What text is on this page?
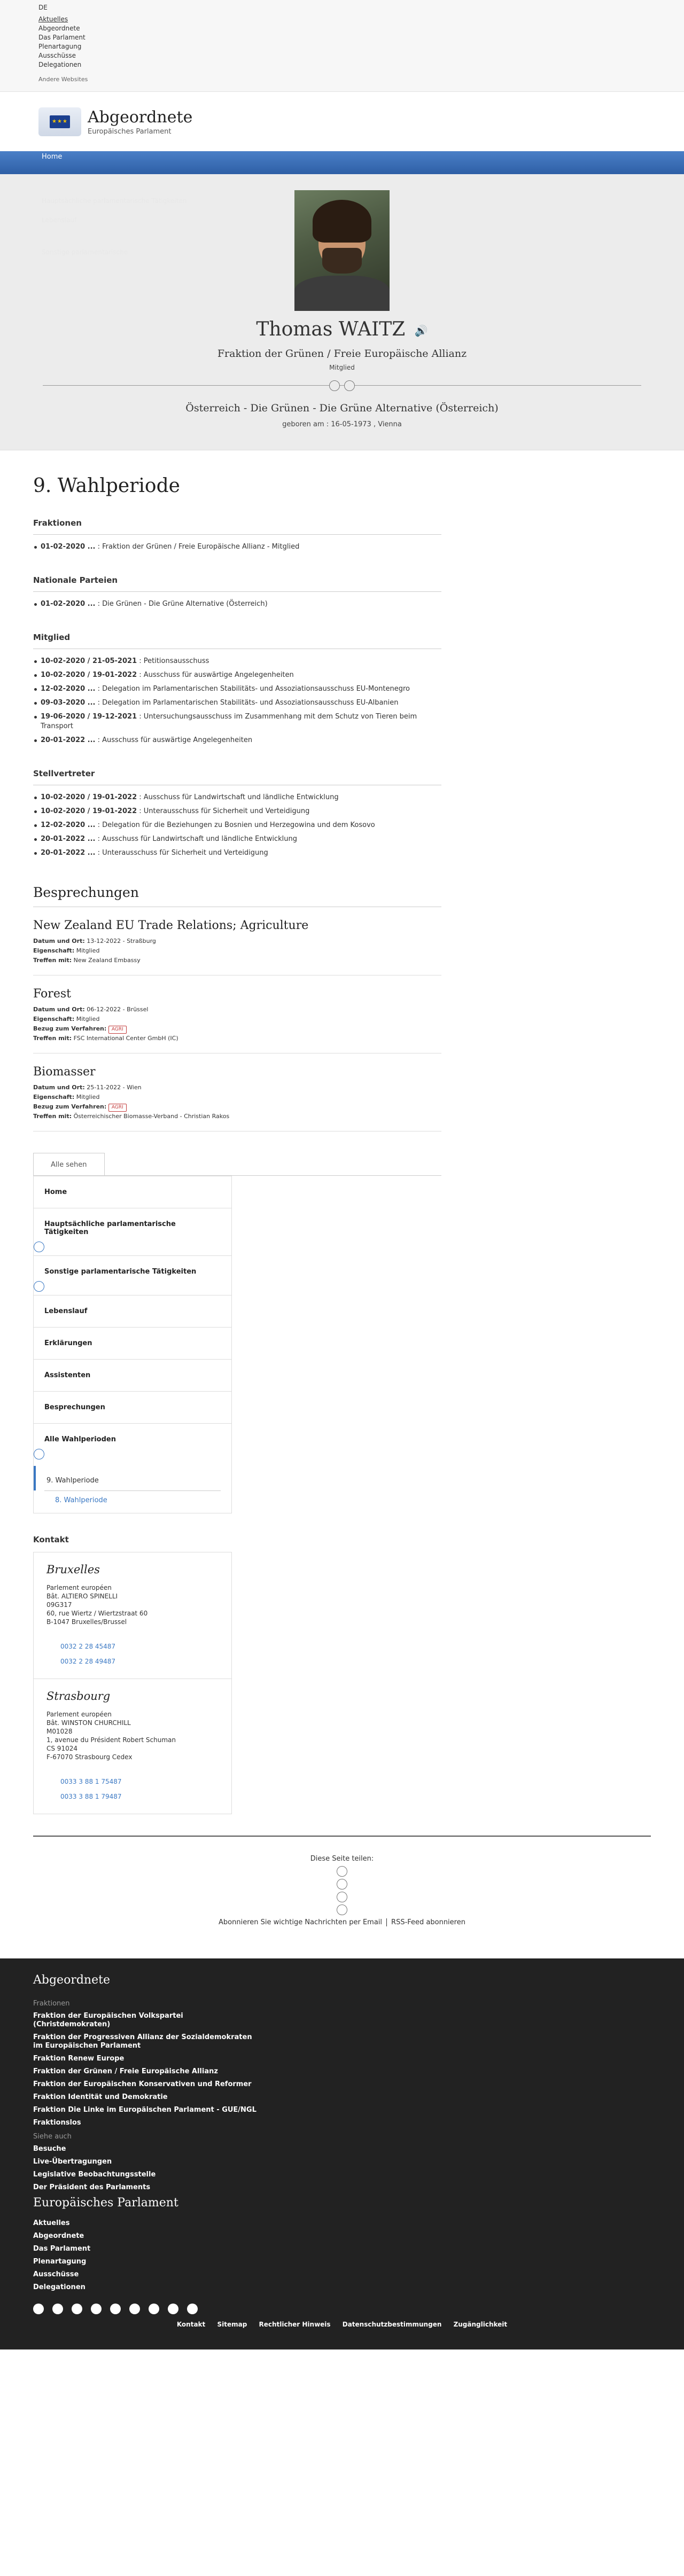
DE
Aktuelles
Abgeordnete
Das Parlament
Plenartagung
Ausschüsse
Delegationen
Andere Websites
★★★ Abgeordnete
Europäisches Parlament
Home
Hauptsächliche parlamentarische Tätigkeiten
Lebenslauf
Sonstige parlamentarische
Thomas WAITZ 🔊
Fraktion der Grünen / Freie Europäische Allianz
Mitglied
Österreich - Die Grünen - Die Grüne Alternative (Österreich)
geboren am : 16-05-1973 , Vienna
9. Wahlperiode
Fraktionen
01-02-2020 ... : Fraktion der Grünen / Freie Europäische Allianz - Mitglied
Nationale Parteien
01-02-2020 ... : Die Grünen - Die Grüne Alternative (Österreich)
Mitglied
10-02-2020 / 21-05-2021 : Petitionsausschuss
10-02-2020 / 19-01-2022 : Ausschuss für auswärtige Angelegenheiten
12-02-2020 ... : Delegation im Parlamentarischen Stabilitäts- und Assoziationsausschuss EU-Montenegro
09-03-2020 ... : Delegation im Parlamentarischen Stabilitäts- und Assoziationsausschuss EU-Albanien
19-06-2020 / 19-12-2021 : Untersuchungsausschuss im Zusammenhang mit dem Schutz von Tieren beim Transport
20-01-2022 ... : Ausschuss für auswärtige Angelegenheiten
Stellvertreter
10-02-2020 / 19-01-2022 : Ausschuss für Landwirtschaft und ländliche Entwicklung
10-02-2020 / 19-01-2022 : Unterausschuss für Sicherheit und Verteidigung
12-02-2020 ... : Delegation für die Beziehungen zu Bosnien und Herzegowina und dem Kosovo
20-01-2022 ... : Ausschuss für Landwirtschaft und ländliche Entwicklung
20-01-2022 ... : Unterausschuss für Sicherheit und Verteidigung
Besprechungen
New Zealand EU Trade Relations; Agriculture

Datum und Ort: 13-12-2022 - Straßburg

Eigenschaft: Mitglied

Treffen mit: New Zealand Embassy

Forest

Datum und Ort: 06-12-2022 - Brüssel

Eigenschaft: Mitglied

Bezug zum Verfahren: AGRI

Treffen mit: FSC International Center GmbH (IC)

Biomasser

Datum und Ort: 25-11-2022 - Wien

Eigenschaft: Mitglied

Bezug zum Verfahren: AGRI

Treffen mit: Österreichischer Biomasse-Verband - Christian Rakos

Alle sehen
Home
Hauptsächliche parlamentarische Tätigkeiten
Sonstige parlamentarische Tätigkeiten
Lebenslauf
Erklärungen
Assistenten
Besprechungen
Alle Wahlperioden
9. Wahlperiode
8. Wahlperiode
Kontakt
Bruxelles
Parlement européen
Bât. ALTIERO SPINELLI
09G317
60, rue Wiertz / Wiertzstraat 60
B-1047 Bruxelles/Brussel
0032 2 28 45487
0032 2 28 49487
Strasbourg
Parlement européen
Bât. WINSTON CHURCHILL
M01028
1, avenue du Président Robert Schuman
CS 91024
F-67070 Strasbourg Cedex
0033 3 88 1 75487
0033 3 88 1 79487
Diese Seite teilen:
Abonnieren Sie wichtige Nachrichten per Email RSS-Feed abonnieren
Abgeordnete
Fraktionen
Fraktion der Europäischen Volkspartei (Christdemokraten)
Fraktion der Progressiven Allianz der Sozialdemokraten im Europäischen Parlament
Fraktion Renew Europe
Fraktion der Grünen / Freie Europäische Allianz
Fraktion der Europäischen Konservativen und Reformer
Fraktion Identität und Demokratie
Fraktion Die Linke im Europäischen Parlament - GUE/NGL
Fraktionslos
Siehe auch
Besuche
Live-Übertragungen
Legislative Beobachtungsstelle
Der Präsident des Parlaments
Europäisches Parlament
Aktuelles
Abgeordnete
Das Parlament
Plenartagung
Ausschüsse
Delegationen
Kontakt Sitemap Rechtlicher Hinweis Datenschutzbestimmungen Zugänglichkeit
